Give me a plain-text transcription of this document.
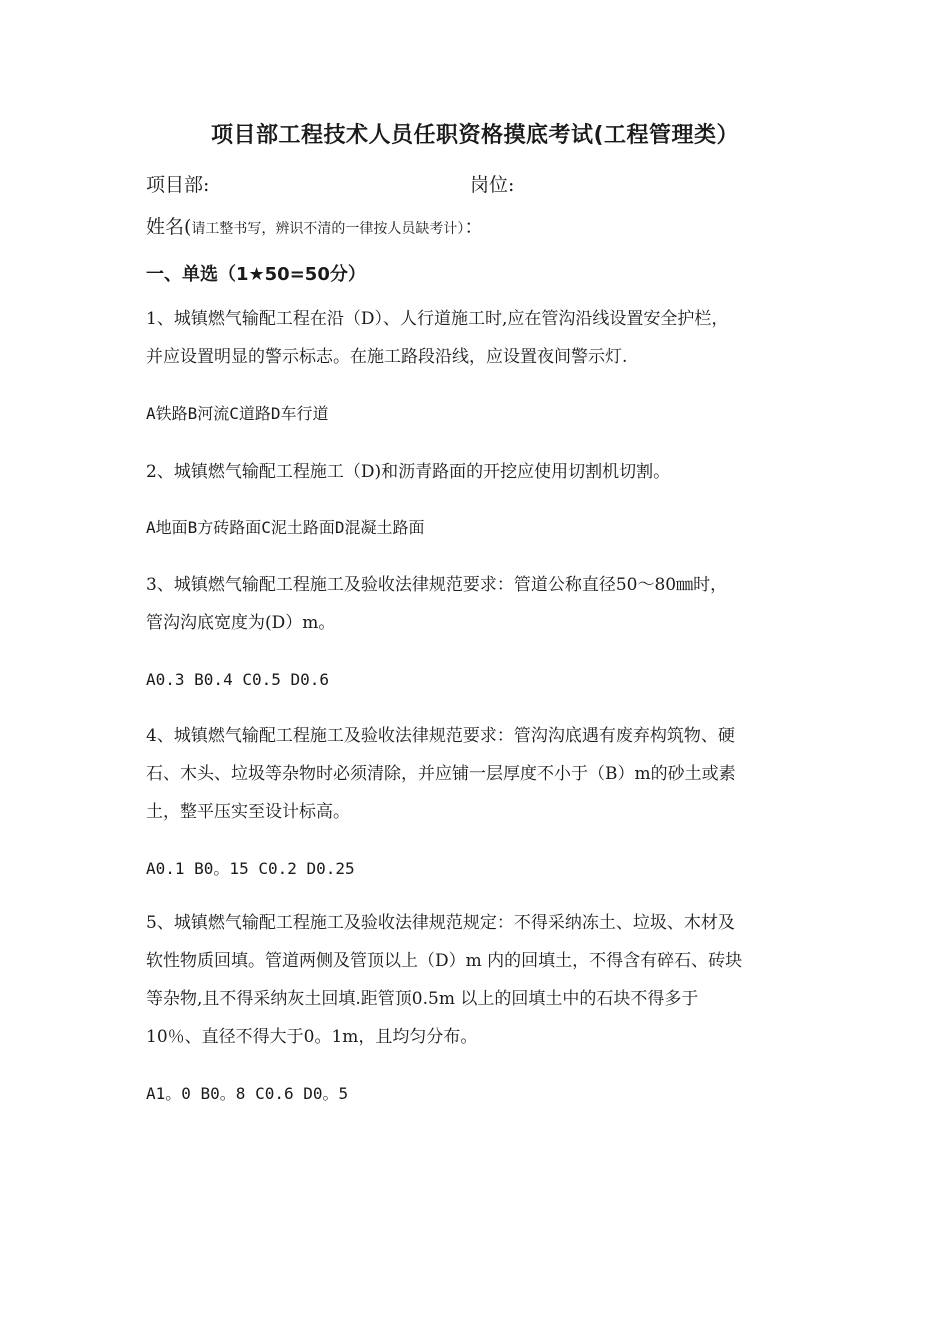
项目部工程技术人员任职资格摸底考试(工程管理类）
项目部:	岗位:
姓名(请工整书写，辨识不清的一律按人员缺考计）：
一、单选（1★50=50分）

1、城镇燃气输配工程在沿（D）、人行道施工时,应在管沟沿线设置安全护栏，
并应设置明显的警示标志。在施工路段沿线，应设置夜间警示灯.

A铁路B河流C道路D车行道

2、城镇燃气输配工程施工（D)和沥青路面的开挖应使用切割机切割。

A地面B方砖路面C泥土路面D混凝土路面

3、城镇燃气输配工程施工及验收法律规范要求：管道公称直径50～80㎜时，
管沟沟底宽度为(D）m。

A0.3 B0.4 C0.5 D0.6

4、城镇燃气输配工程施工及验收法律规范要求：管沟沟底遇有废弃构筑物、硬
石、木头、垃圾等杂物时必须清除，并应铺一层厚度不小于（B）m的砂土或素
土，整平压实至设计标高。

A0.1 B0。15 C0.2 D0.25

5、城镇燃气输配工程施工及验收法律规范规定：不得采纳冻土、垃圾、木材及
软性物质回填。管道两侧及管顶以上（D）m 内的回填土，不得含有碎石、砖块
等杂物,且不得采纳灰土回填.距管顶0.5m 以上的回填土中的石块不得多于
10％、直径不得大于0。1m，且均匀分布。

A1。0 B0。8 C0.6 D0。5
